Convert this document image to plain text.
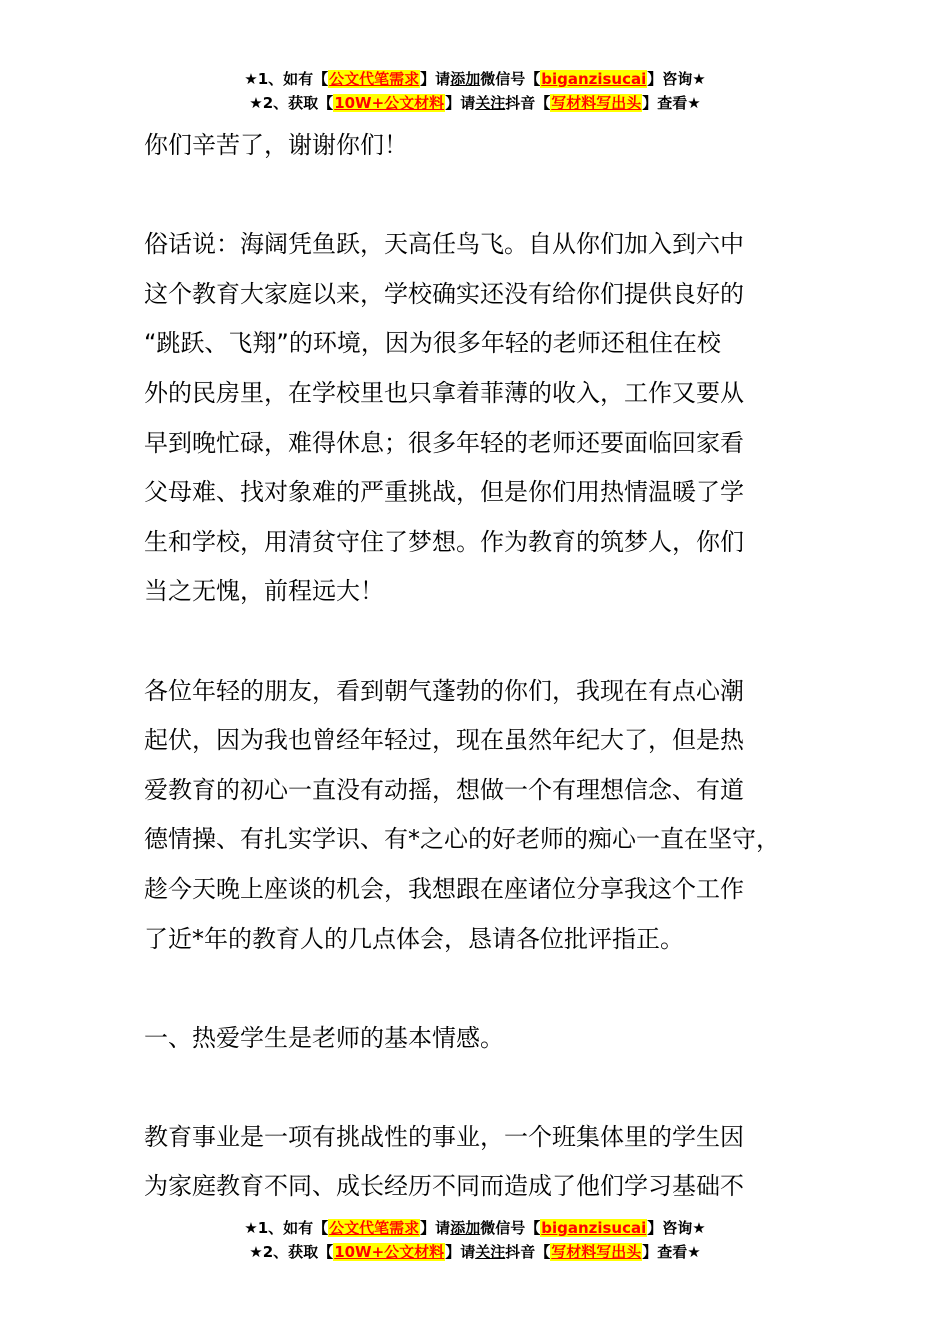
★1、如有【公文代笔需求】请添加微信号【biganzisucai】咨询★
★2、获取【10W+公文材料】请关注抖音【写材料写出头】查看★

你们辛苦了，谢谢你们！

俗话说：海阔凭鱼跃，天高任鸟飞。自从你们加入到六中

这个教育大家庭以来，学校确实还没有给你们提供良好的

“跳跃、飞翔”的环境，因为很多年轻的老师还租住在校

外的民房里，在学校里也只拿着菲薄的收入，工作又要从

早到晚忙碌，难得休息；很多年轻的老师还要面临回家看

父母难、找对象难的严重挑战，但是你们用热情温暖了学

生和学校，用清贫守住了梦想。作为教育的筑梦人，你们

当之无愧，前程远大！

各位年轻的朋友，看到朝气蓬勃的你们，我现在有点心潮

起伏，因为我也曾经年轻过，现在虽然年纪大了，但是热

爱教育的初心一直没有动摇，想做一个有理想信念、有道

德情操、有扎实学识、有*之心的好老师的痴心一直在坚守，

趁今天晚上座谈的机会，我想跟在座诸位分享我这个工作

了近*年的教育人的几点体会，恳请各位批评指正。

一、热爱学生是老师的基本情感。

教育事业是一项有挑战性的事业，一个班集体里的学生因

为家庭教育不同、成长经历不同而造成了他们学习基础不

★1、如有【公文代笔需求】请添加微信号【biganzisucai】咨询★
★2、获取【10W+公文材料】请关注抖音【写材料写出头】查看★
